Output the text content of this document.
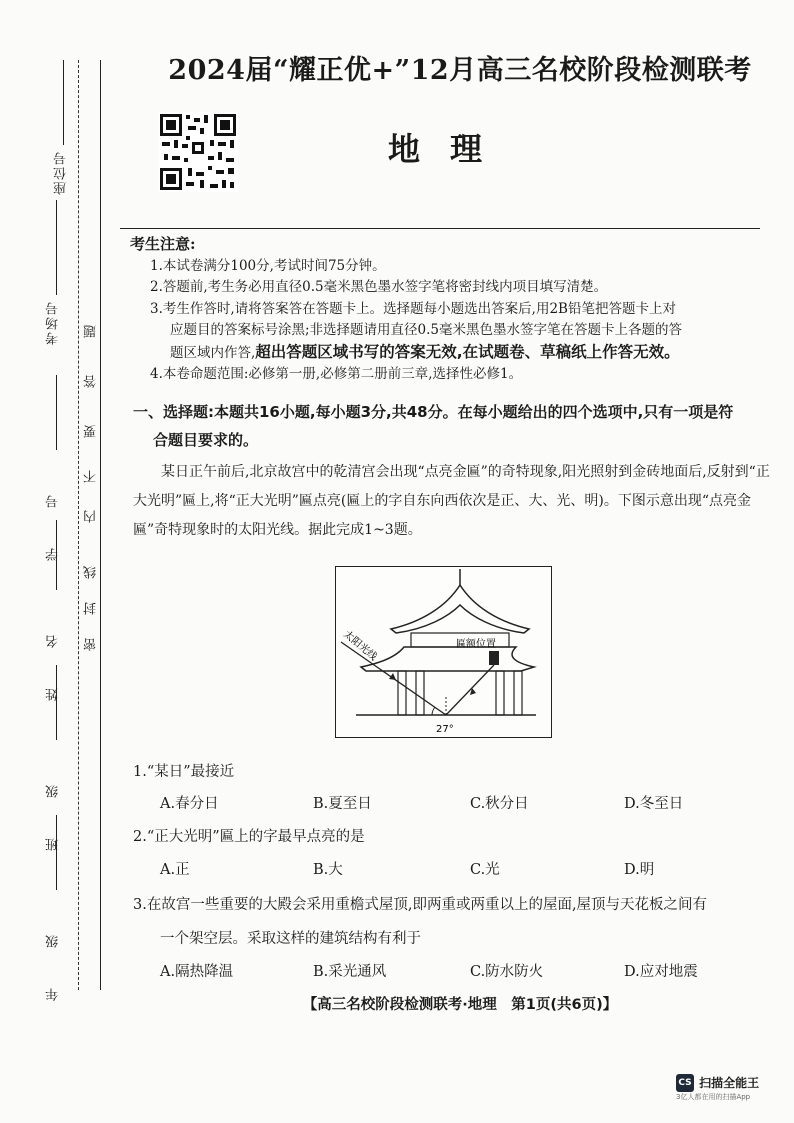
座位号
考场号
学号
姓名
班级
年级
密
封
线
内
不
要
答
题
2024届“耀正优+”12月高三名校阶段检测联考
地理
考生注意:
1.本试卷满分100分,考试时间75分钟。
2.答题前,考生务必用直径0.5毫米黑色墨水签字笔将密封线内项目填写清楚。
3.考生作答时,请将答案答在答题卡上。选择题每小题选出答案后,用2B铅笔把答题卡上对
应题目的答案标号涂黑;非选择题请用直径0.5毫米黑色墨水签字笔在答题卡上各题的答
题区域内作答,超出答题区域书写的答案无效,在试题卷、草稿纸上作答无效。
4.本卷命题范围:必修第一册,必修第二册前三章,选择性必修1。
一、选择题:本题共16小题,每小题3分,共48分。在每小题给出的四个选项中,只有一项是符
合题目要求的。
某日正午前后,北京故宫中的乾清宫会出现“点亮金匾”的奇特现象,阳光照射到金砖地面后,反射到“正大光明”匾上,将“正大光明”匾点亮(匾上的字自东向西依次是正、大、光、明)。下图示意出现“点亮金匾”奇特现象时的太阳光线。据此完成1~3题。
太阳光线	匾额位置
27°
1.“某日”最接近
A.春分日	B.夏至日	C.秋分日	D.冬至日
2.“正大光明”匾上的字最早点亮的是
A.正	B.大	C.光	D.明
3.在故宫一些重要的大殿会采用重檐式屋顶,即两重或两重以上的屋面,屋顶与天花板之间有
一个架空层。采取这样的建筑结构有利于
A.隔热降温	B.采光通风	C.防水防火	D.应对地震
【高三名校阶段检测联考·地理　第1页(共6页)】
CS 扫描全能王
3亿人都在用的扫描App
